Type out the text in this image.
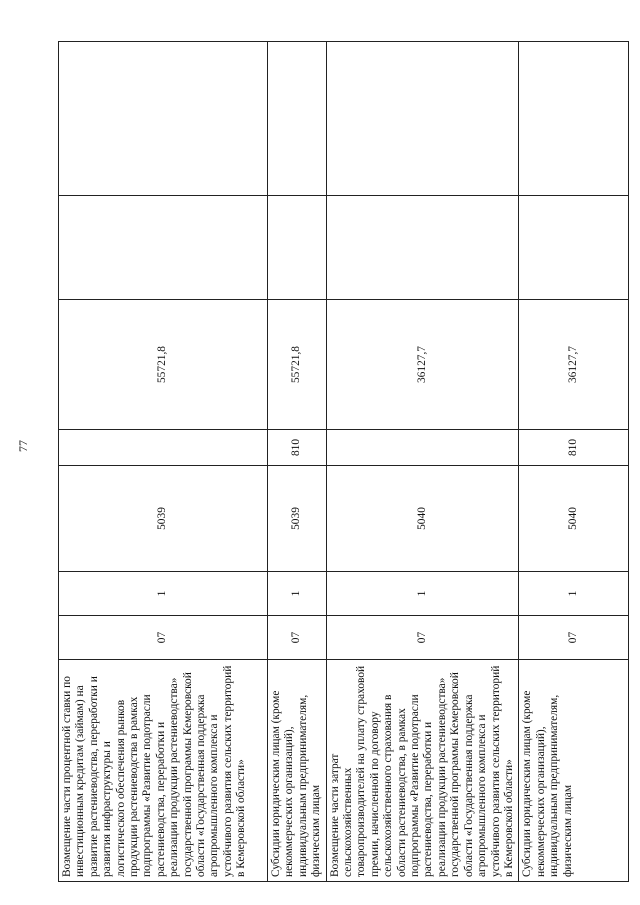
77
Возмещение части процентной ставки по инвестиционным кредитам (займам) на развитие растениеводства, переработки и развития инфраструктуры и логистического обеспечения рынков продукции растениеводства в рамках подпрограммы «Развитие подотрасли растениеводства, переработки и реализации продукции растениеводства» государственной программы Кемеровской области «Государственная поддержка агропромышленного комплекса и устойчивого развития сельских территорий в Кемеровской области»	07	1	5039		55721,8		
Субсидии юридическим лицам (кроме некоммерческих организаций), индивидуальным предпринимателям, физическим лицам	07	1	5039	810	55721,8		
Возмещение части затрат сельскохозяйственных товаропроизводителей на уплату страховой премии, начисленной по договору сельскохозяйственного страхования в области растениеводства, в рамках подпрограммы «Развитие подотрасли растениеводства, переработки и реализации продукции растениеводства» государственной программы Кемеровской области «Государственная поддержка агропромышленного комплекса и устойчивого развития сельских территорий в Кемеровской области»	07	1	5040		36127,7		
Субсидии юридическим лицам (кроме некоммерческих организаций), индивидуальным предпринимателям, физическим лицам	07	1	5040	810	36127,7		
